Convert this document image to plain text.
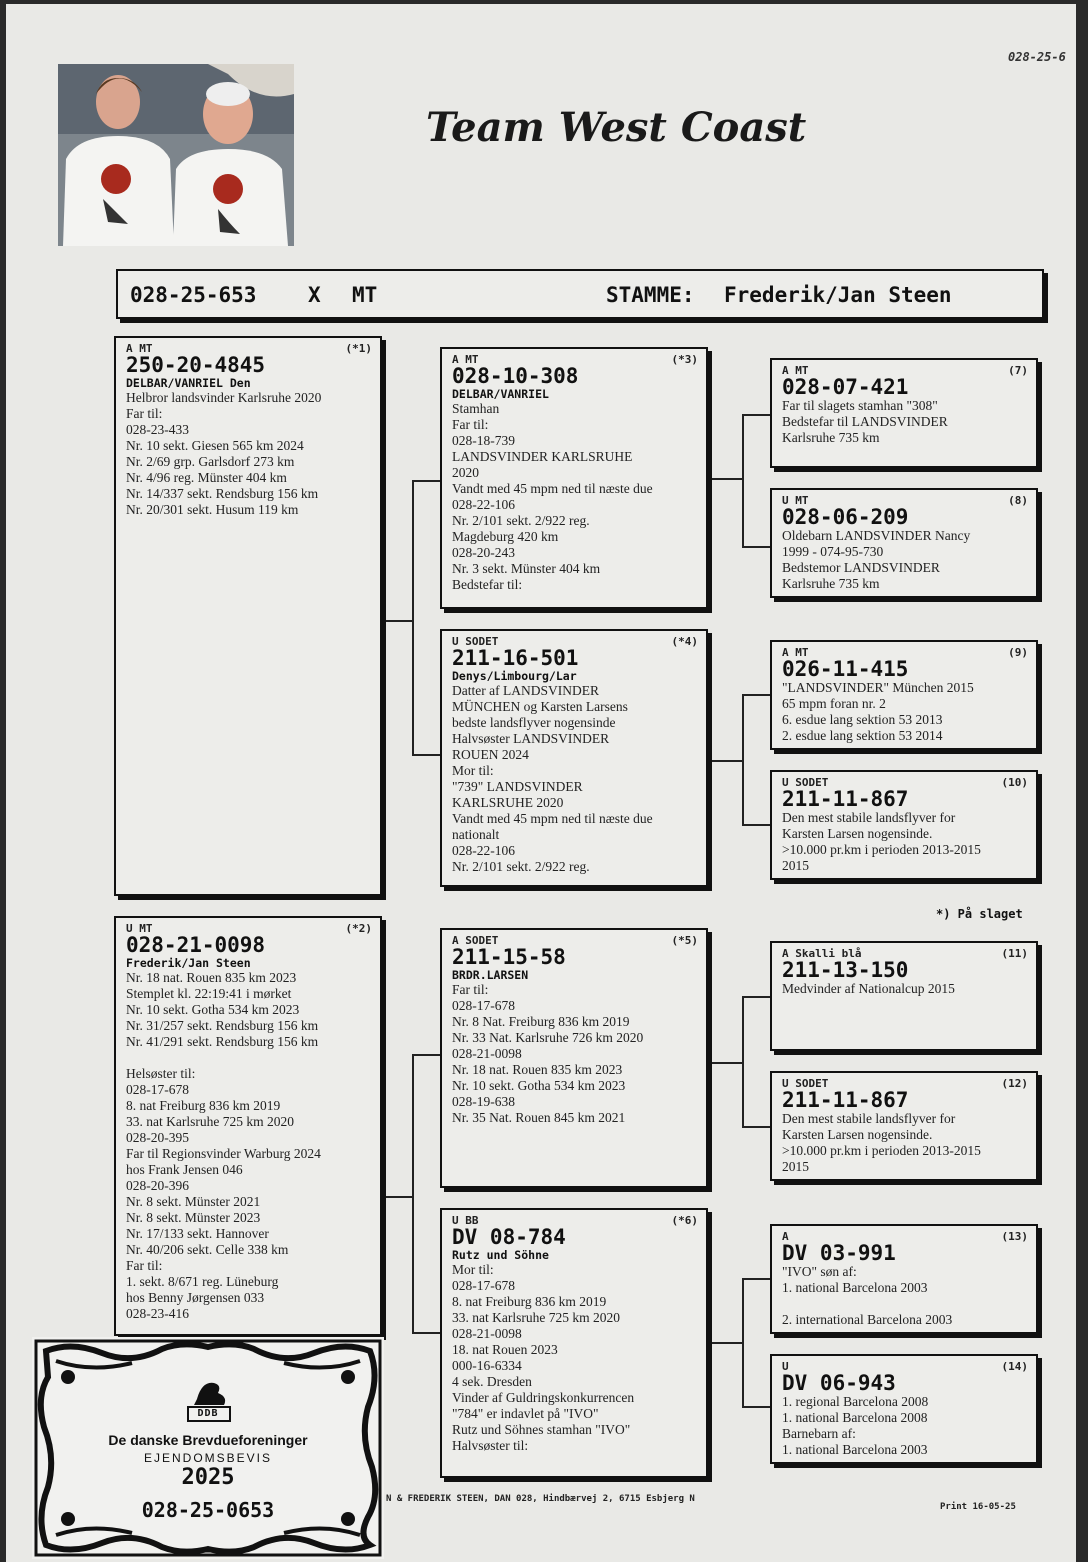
028-25-6
Team West Coast
028-25-653 X MT	STAMME: Frederik/Jan Steen
A MT	(*1)
250-20-4845
DELBAR/VANRIEL Den
Helbror landsvinder Karlsruhe 2020
Far til:
028-23-433
Nr. 10 sekt. Giesen 565 km 2024
Nr. 2/69 grp. Garlsdorf 273 km
Nr. 4/96 reg. Münster 404 km
Nr. 14/337 sekt. Rendsburg 156 km
Nr. 20/301 sekt. Husum 119 km
U MT	(*2)
028-21-0098
Frederik/Jan Steen
Nr. 18 nat. Rouen 835 km 2023
Stemplet kl. 22:19:41 i mørket
Nr. 10 sekt. Gotha 534 km 2023
Nr. 31/257 sekt. Rendsburg 156 km
Nr. 41/291 sekt. Rendsburg 156 km
Helsøster til:
028-17-678
8. nat Freiburg 836 km 2019
33. nat Karlsruhe 725 km 2020
028-20-395
Far til Regionsvinder Warburg 2024
hos Frank Jensen 046
028-20-396
Nr. 8 sekt. Münster 2021
Nr. 8 sekt. Münster 2023
Nr. 17/133 sekt. Hannover
Nr. 40/206 sekt. Celle 338 km
Far til:
1. sekt. 8/671 reg. Lüneburg
hos Benny Jørgensen 033
028-23-416
A MT	(*3)
028-10-308
DELBAR/VANRIEL
Stamhan
Far til:
028-18-739
LANDSVINDER KARLSRUHE
2020
Vandt med 45 mpm ned til næste due
028-22-106
Nr. 2/101 sekt. 2/922 reg.
Magdeburg 420 km
028-20-243
Nr. 3 sekt. Münster 404 km
Bedstefar til:
U SODET	(*4)
211-16-501
Denys/Limbourg/Lar
Datter af LANDSVINDER
MÜNCHEN og Karsten Larsens
bedste landsflyver nogensinde
Halvsøster LANDSVINDER
ROUEN 2024
Mor til:
"739" LANDSVINDER
KARLSRUHE 2020
Vandt med 45 mpm ned til næste due
nationalt
028-22-106
Nr. 2/101 sekt. 2/922 reg.
A SODET	(*5)
211-15-58
BRDR.LARSEN
Far til:
028-17-678
Nr. 8 Nat. Freiburg 836 km 2019
Nr. 33 Nat. Karlsruhe 726 km 2020
028-21-0098
Nr. 18 nat. Rouen 835 km 2023
Nr. 10 sekt. Gotha 534 km 2023
028-19-638
Nr. 35 Nat. Rouen 845 km 2021
U BB	(*6)
DV 08-784
Rutz und Söhne
Mor til:
028-17-678
8. nat Freiburg 836 km 2019
33. nat Karlsruhe 725 km 2020
028-21-0098
18. nat Rouen 2023
000-16-6334
4 sek. Dresden
Vinder af Guldringskonkurrencen
"784" er indavlet på "IVO"
Rutz und Söhnes stamhan "IVO"
Halvsøster til:
A MT	(7)
028-07-421
Far til slagets stamhan "308"
Bedstefar til LANDSVINDER
Karlsruhe 735 km
U MT	(8)
028-06-209
Oldebarn LANDSVINDER Nancy
1999 - 074-95-730
Bedstemor LANDSVINDER
Karlsruhe 735 km
A MT	(9)
026-11-415
"LANDSVINDER" München 2015
65 mpm foran nr. 2
6. esdue lang sektion 53 2013
2. esdue lang sektion 53 2014
U SODET	(10)
211-11-867
Den mest stabile landsflyver for
Karsten Larsen nogensinde.
>10.000 pr.km i perioden 2013-2015
2015
A Skalli blå	(11)
211-13-150
Medvinder af Nationalcup 2015
U SODET	(12)
211-11-867
Den mest stabile landsflyver for
Karsten Larsen nogensinde.
>10.000 pr.km i perioden 2013-2015
2015
A	(13)
DV 03-991
"IVO" søn af:
1. national Barcelona 2003
2. international Barcelona 2003
U	(14)
DV 06-943
1. regional Barcelona 2008
1. national Barcelona 2008
Barnebarn af:
1. national Barcelona 2003
*) På slaget
N & FREDERIK STEEN, DAN 028, Hindbærvej 2, 6715 Esbjerg N
Print 16-05-25
DDB
De danske Brevdueforeninger
EJENDOMSBEVIS
2025
028-25-0653
